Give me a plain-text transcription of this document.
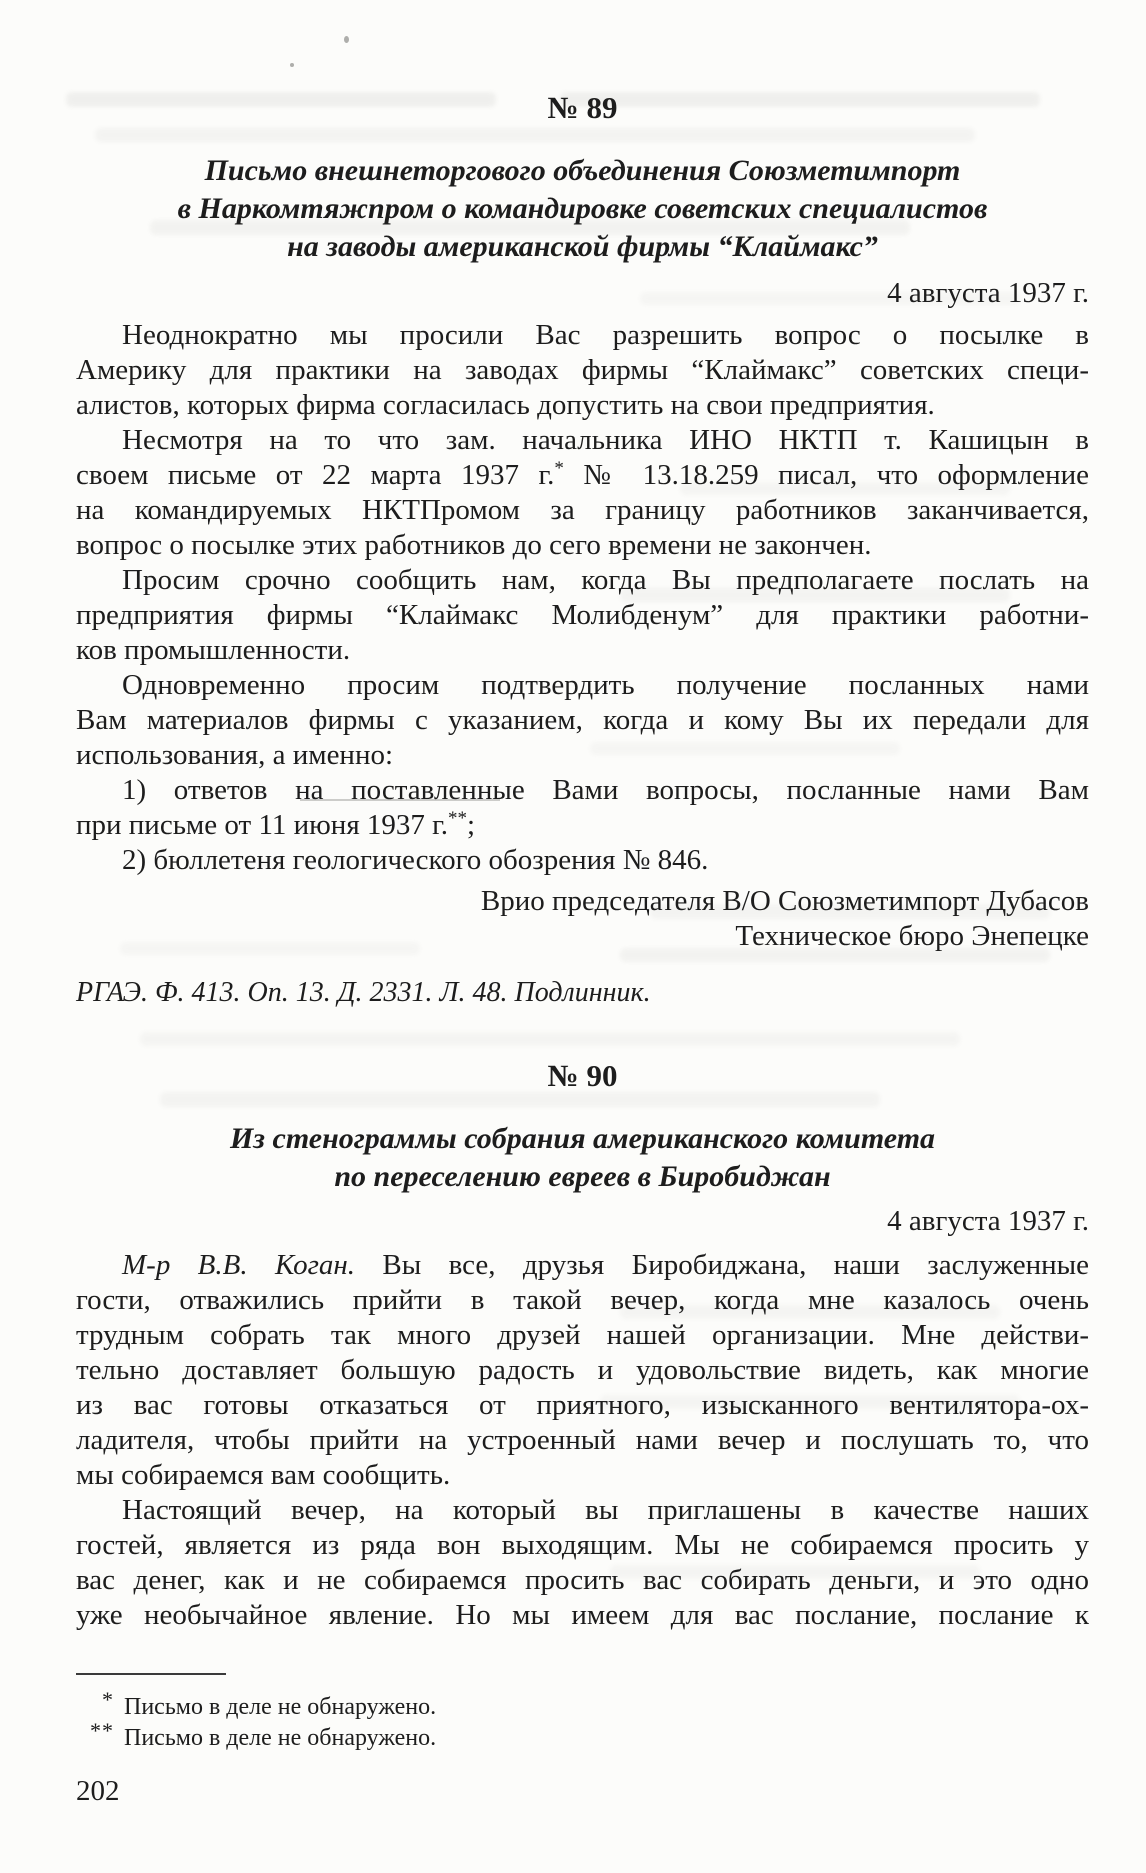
№ 89
Письмо внешнеторгового объединения Союзметимпорт
в Наркомтяжпром о командировке советских специалистов
на заводы американской фирмы “Клаймакс”
4 августа 1937 г.
Неоднократно мы просили Вас разрешить вопрос о посылке в
Америку для практики на заводах фирмы “Клаймакс” советских специ-
алистов, которых фирма согласилась допустить на свои предприятия.
Несмотря на то что зам. начальника ИНО НКТП т. Кашицын в
своем письме от 22 марта 1937 г.* № 13.18.259 писал, что оформление
на командируемых НКТПромом за границу работников заканчивается,
вопрос о посылке этих работников до сего времени не закончен.
Просим срочно сообщить нам, когда Вы предполагаете послать на
предприятия фирмы “Клаймакс Молибденум” для практики работни-
ков промышленности.
Одновременно просим подтвердить получение посланных нами
Вам материалов фирмы с указанием, когда и кому Вы их передали для
использования, а именно:
1) ответов на поставленные Вами вопросы, посланные нами Вам
при письме от 11 июня 1937 г.**;
2) бюллетеня геологического обозрения № 846.
Врио председателя В/О Союзметимпорт Дубасов
Техническое бюро Энепецке
РГАЭ. Ф. 413. Оп. 13. Д. 2331. Л. 48. Подлинник.
№ 90
Из стенограммы собрания американского комитета
по переселению евреев в Биробиджан
4 августа 1937 г.
М-р В.В. Коган. Вы все, друзья Биробиджана, наши заслуженные
гости, отважились прийти в такой вечер, когда мне казалось очень
трудным собрать так много друзей нашей организации. Мне действи-
тельно доставляет большую радость и удовольствие видеть, как многие
из вас готовы отказаться от приятного, изысканного вентилятора-ох-
ладителя, чтобы прийти на устроенный нами вечер и послушать то, что
мы собираемся вам сообщить.
Настоящий вечер, на который вы приглашены в качестве наших
гостей, является из ряда вон выходящим. Мы не собираемся просить у
вас денег, как и не собираемся просить вас собирать деньги, и это одно
уже необычайное явление. Но мы имеем для вас послание, послание к
* Письмо в деле не обнаружено.
** Письмо в деле не обнаружено.
202
